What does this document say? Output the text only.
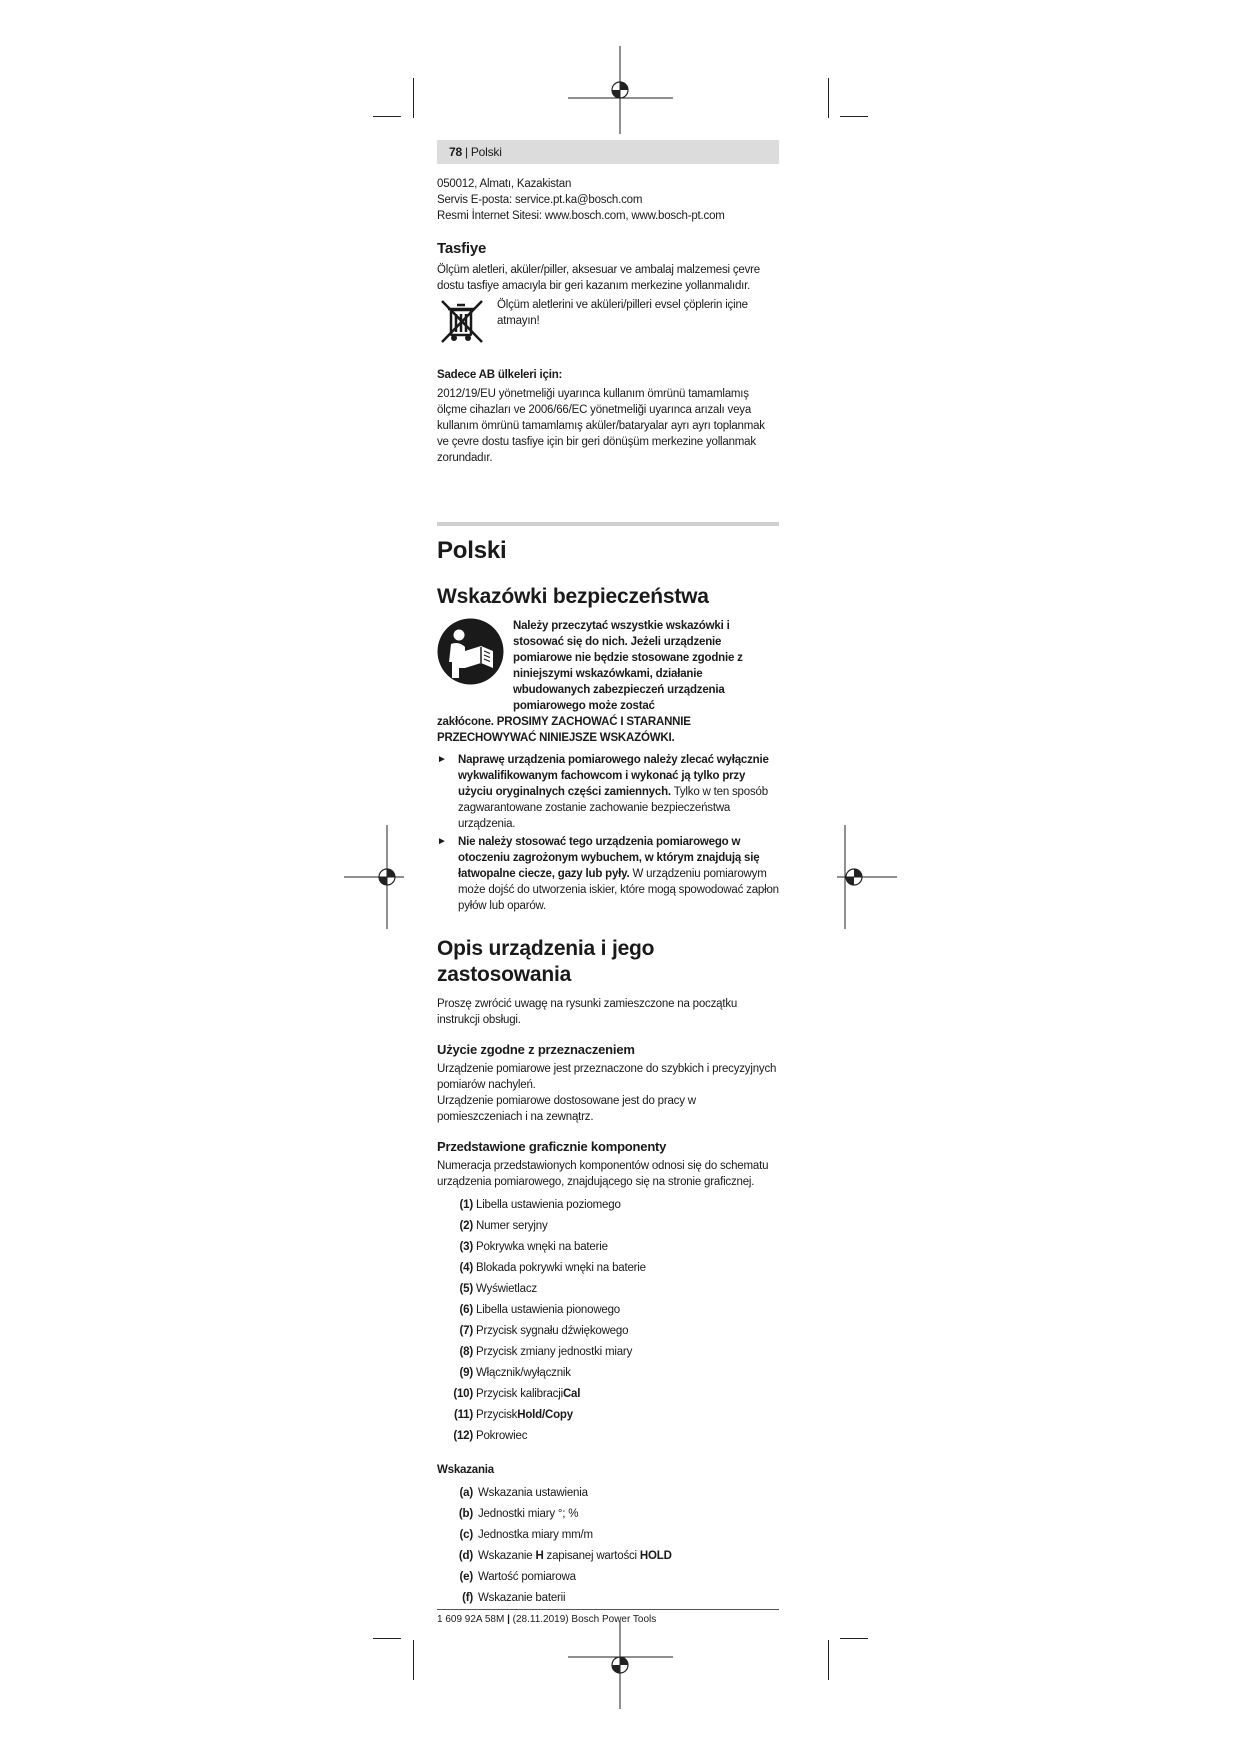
78 | Polski

050012, Almatı, Kazakistan

Servis E-posta: service.pt.ka@bosch.com

Resmi İnternet Sitesi: www.bosch.com, www.bosch-pt.com

Tasfiye

Ölçüm aletleri, aküler/piller, aksesuar ve ambalaj malzemesi çevre dostu tasfiye amacıyla bir geri kazanım merkezine yollanmalıdır.

Ölçüm aletlerini ve aküleri/pilleri evsel çöplerin içine atmayın!
Sadece AB ülkeleri için:

2012/19/EU yönetmeliği uyarınca kullanım ömrünü tamamlamış ölçme cihazları ve 2006/66/EC yönetmeliği uyarınca arızalı veya kullanım ömrünü tamamlamış aküler/bataryalar ayrı ayrı toplanmak ve çevre dostu tasfiye için bir geri dönüşüm merkezine yollanmak zorundadır.

Polski
Wskazówki bezpieczeństwa
Należy przeczytać wszystkie wskazówki i stosować się do nich. Jeżeli urządzenie pomiarowe nie będzie stosowane zgodnie z niniejszymi wskazówkami, działanie wbudowanych zabezpieczeń urządzenia pomiarowego może zostać
zakłócone. PROSIMY ZACHOWAĆ I STARANNIE PRZECHOWYWAĆ NINIEJSZE WSKAZÓWKI.
► Naprawę urządzenia pomiarowego należy zlecać wyłącznie wykwalifikowanym fachowcom i wykonać ją tylko przy użyciu oryginalnych części zamiennych. Tylko w ten sposób zagwarantowane zostanie zachowanie bezpieczeństwa urządzenia.
► Nie należy stosować tego urządzenia pomiarowego w otoczeniu zagrożonym wybuchem, w którym znajdują się łatwopalne ciecze, gazy lub pyły. W urządzeniu pomiarowym może dojść do utworzenia iskier, które mogą spowodować zapłon pyłów lub oparów.
Opis urządzenia i jego zastosowania

Proszę zwrócić uwagę na rysunki zamieszczone na początku instrukcji obsługi.

Użycie zgodne z przeznaczeniem

Urządzenie pomiarowe jest przeznaczone do szybkich i precyzyjnych pomiarów nachyleń.

Urządzenie pomiarowe dostosowane jest do pracy w pomieszczeniach i na zewnątrz.

Przedstawione graficznie komponenty

Numeracja przedstawionych komponentów odnosi się do schematu urządzenia pomiarowego, znajdującego się na stronie graficznej.

(1) Libella ustawienia poziomego
(2) Numer seryjny
(3) Pokrywka wnęki na baterie
(4) Blokada pokrywki wnęki na baterie
(5) Wyświetlacz
(6) Libella ustawienia pionowego
(7) Przycisk sygnału dźwiękowego
(8) Przycisk zmiany jednostki miary
(9) Włącznik/wyłącznik
(10) Przycisk kalibracji Cal
(11) Przycisk Hold/Copy
(12) Pokrowiec
Wskazania
(a) Wskazania ustawienia
(b) Jednostki miary °; %
(c) Jednostka miary mm/m
(d) Wskazanie H zapisanej wartości HOLD
(e) Wartość pomiarowa
(f) Wskazanie baterii
1 609 92A 58M | (28.11.2019) Bosch Power Tools
